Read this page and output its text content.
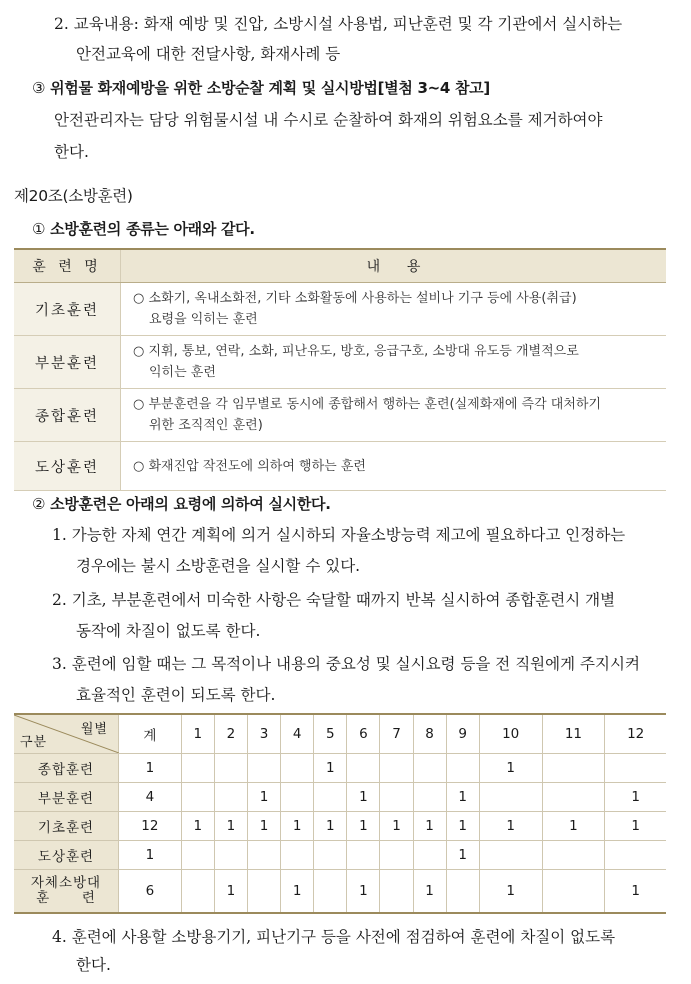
2. 교육내용: 화재 예방 및 진압, 소방시설 사용법, 피난훈련 및 각 기관에서 실시하는
안전교육에 대한 전달사항, 화재사례 등
③ 위험물 화재예방을 위한 소방순찰 계획 및 실시방법[별첨 3~4 참고]
안전관리자는 담당 위험물시설 내 수시로 순찰하여 화재의 위험요소를 제거하여야
한다.
제20조(소방훈련)
① 소방훈련의 종류는 아래와 같다.
훈 련 명	내      용
기초훈련	○ 소화기, 옥내소화전, 기타 소화활동에 사용하는 설비나 기구 등에 사용(취급)
요령을 익히는 훈련

부분훈련	○ 지휘, 통보, 연락, 소화, 피난유도, 방호, 응급구호, 소방대 유도등 개별적으로
익히는 훈련

종합훈련	○ 부분훈련을 각 임무별로 동시에 종합해서 행하는 훈련(실제화재에 즉각 대처하기
위한 조직적인 훈련)

도상훈련	○ 화재진압 작전도에 의하여 행하는 훈련
② 소방훈련은 아래의 요령에 의하여 실시한다.
1. 가능한 자체 연간 계획에 의거 실시하되 자율소방능력 제고에 필요하다고 인정하는
경우에는 불시 소방훈련을 실시할 수 있다.
2. 기초, 부분훈련에서 미숙한 사항은 숙달할 때까지 반복 실시하여 종합훈련시 개별
동작에 차질이 없도록 한다.
3. 훈련에 임할 때는 그 목적이나 내용의 중요성 및 실시요령 등을 전 직원에게 주지시켜
효율적인 훈련이 되도록 한다.
월별
구분	계	1	2	3	4	5	6	7	8	9	10	11	12
종합훈련	1					1					1		
부분훈련	4			1			1			1			1
기초훈련	12	1	1	1	1	1	1	1	1	1	1	1	1
도상훈련	1									1			

자체소방대
훈      련	6		1		1		1		1		1		1
4. 훈련에 사용할 소방용기기, 피난기구 등을 사전에 점검하여 훈련에 차질이 없도록
한다.
